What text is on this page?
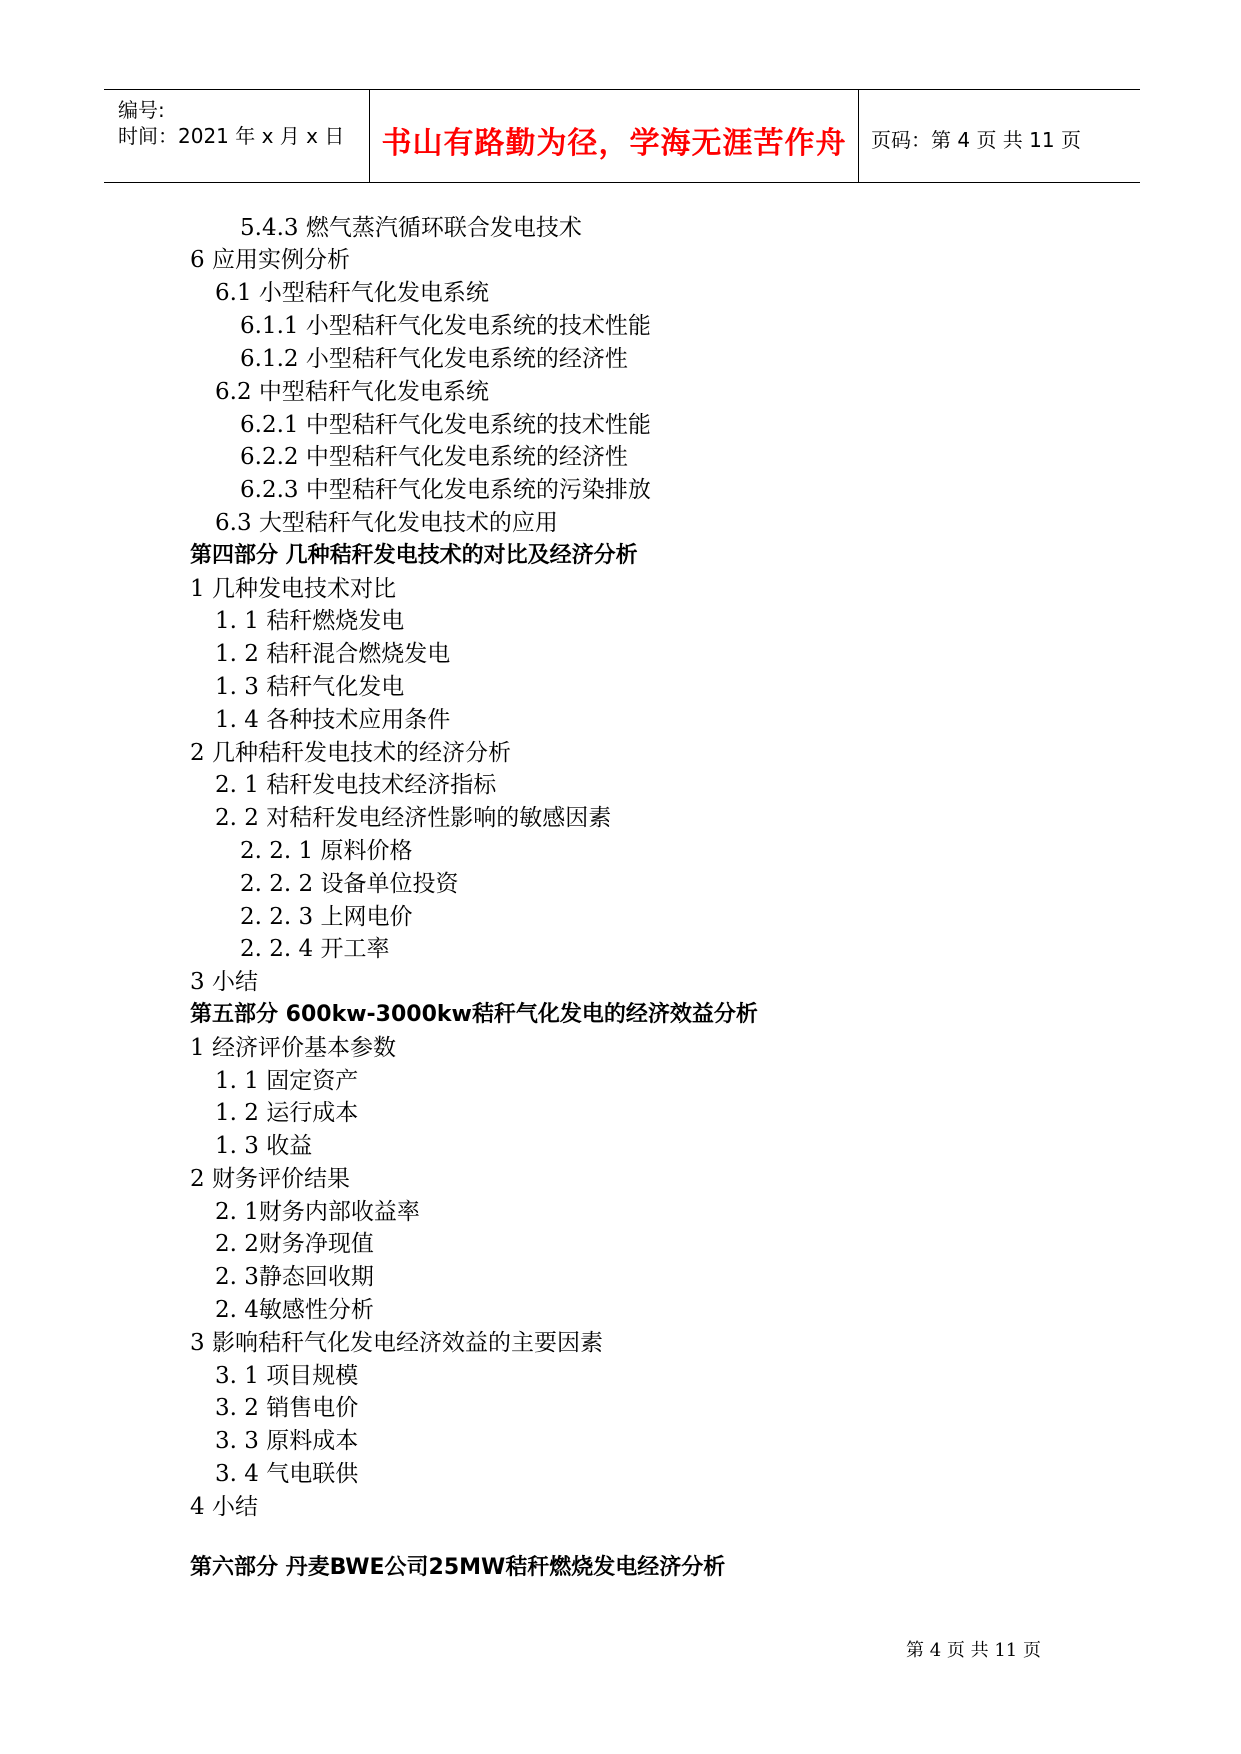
编号:
时间：2021 年 x 月 x 日	书山有路勤为径，学海无涯苦作舟	页码：第 4 页 共 11 页
5.4.3 燃气蒸汽循环联合发电技术
6 应用实例分析
6.1 小型秸秆气化发电系统
6.1.1 小型秸秆气化发电系统的技术性能
6.1.2 小型秸秆气化发电系统的经济性
6.2 中型秸秆气化发电系统
6.2.1 中型秸秆气化发电系统的技术性能
6.2.2 中型秸秆气化发电系统的经济性
6.2.3 中型秸秆气化发电系统的污染排放
6.3 大型秸秆气化发电技术的应用
第四部分 几种秸秆发电技术的对比及经济分析
1 几种发电技术对比
1. 1 秸秆燃烧发电
1. 2 秸秆混合燃烧发电
1. 3 秸秆气化发电
1. 4 各种技术应用条件
2 几种秸秆发电技术的经济分析
2. 1 秸秆发电技术经济指标
2. 2 对秸秆发电经济性影响的敏感因素
2. 2. 1 原料价格
2. 2. 2 设备单位投资
2. 2. 3 上网电价
2. 2. 4 开工率
3 小结
第五部分 600kw-3000kw秸秆气化发电的经济效益分析
1 经济评价基本参数
1. 1 固定资产
1. 2 运行成本
1. 3 收益
2 财务评价结果
2. 1财务内部收益率
2. 2财务净现值
2. 3静态回收期
2. 4敏感性分析
3 影响秸秆气化发电经济效益的主要因素
3. 1 项目规模
3. 2 销售电价
3. 3 原料成本
3. 4 气电联供
4 小结
第六部分 丹麦BWE公司25MW秸秆燃烧发电经济分析
第 4 页 共 11 页
